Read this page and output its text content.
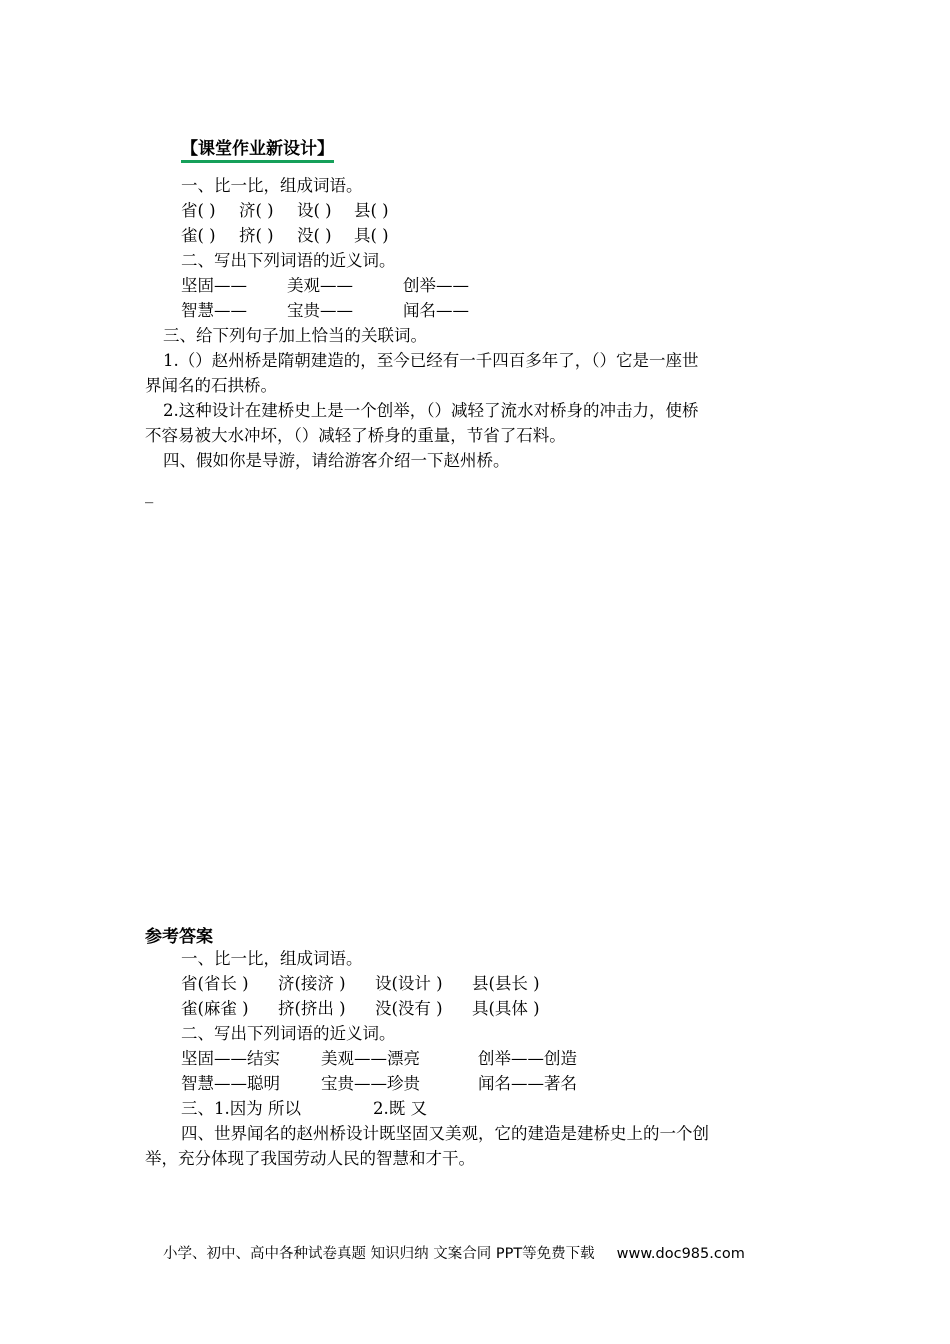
【课堂作业新设计】
一、比一比，组成词语。
省( ) 济( ) 设( ) 县( )
雀( ) 挤( ) 没( ) 具( )
二、写出下列词语的近义词。
坚固—— 美观——	创举——
智慧—— 宝贵——	闻名——
三、给下列句子加上恰当的关联词。
1.（）赵州桥是隋朝建造的，至今已经有一千四百多年了，（）它是一座世
界闻名的石拱桥。
2.这种设计在建桥史上是一个创举，（）减轻了流水对桥身的冲击力，使桥
不容易被大水冲坏，（）减轻了桥身的重量，节省了石料。
四、假如你是导游，请给游客介绍一下赵州桥。
_
参考答案
一、比一比，组成词语。
省(省长 ) 济(接济 ) 设(设计 ) 县(县长 )
雀(麻雀 ) 挤(挤出 ) 没(没有 ) 具(具体 )
二、写出下列词语的近义词。
坚固——结实 美观——漂亮	创举——创造
智慧——聪明 宝贵——珍贵	闻名——著名
三、1.因为 所以	2.既 又
四、世界闻名的赵州桥设计既坚固又美观，它的建造是建桥史上的一个创
举，充分体现了我国劳动人民的智慧和才干。
小学、初中、高中各种试卷真题 知识归纳 文案合同 PPT等免费下载 www.doc985.com
